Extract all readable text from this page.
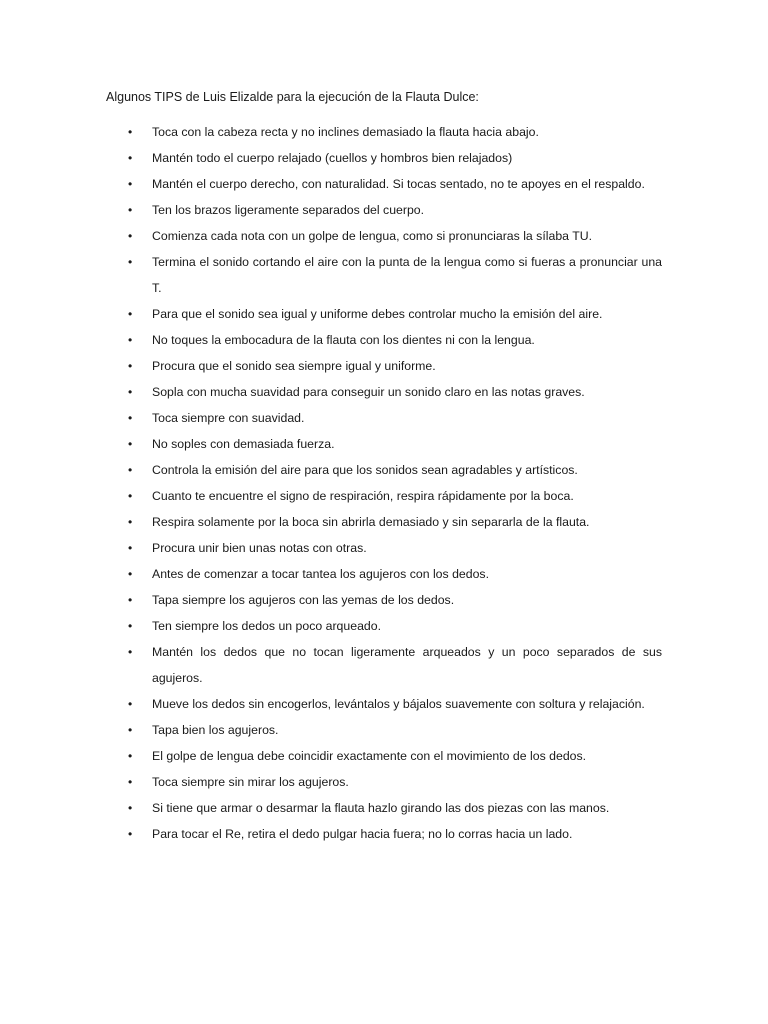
Algunos TIPS de Luis Elizalde para la ejecución de la Flauta Dulce:
• Toca con la cabeza recta y no inclines demasiado la flauta hacia abajo.
• Mantén todo el cuerpo relajado (cuellos y hombros bien relajados)
• Mantén el cuerpo derecho, con naturalidad. Si tocas sentado, no te apoyes en el respaldo.
• Ten los brazos ligeramente separados del cuerpo.
• Comienza cada nota con un golpe de lengua, como si pronunciaras la sílaba TU.
• Termina el sonido cortando el aire con la punta de la lengua como si fueras a pronunciar una T.
• Para que el sonido sea igual y uniforme debes controlar mucho la emisión del aire.
• No toques la embocadura de la flauta con los dientes ni con la lengua.
• Procura que el sonido sea siempre igual y uniforme.
• Sopla con mucha suavidad para conseguir un sonido claro en las notas graves.
• Toca siempre con suavidad.
• No soples con demasiada fuerza.
• Controla la emisión del aire para que los sonidos sean agradables y artísticos.
• Cuanto te encuentre el signo de respiración, respira rápidamente por la boca.
• Respira solamente por la boca sin abrirla demasiado y sin separarla de la flauta.
• Procura unir bien unas notas con otras.
• Antes de comenzar a tocar tantea los agujeros con los dedos.
• Tapa siempre los agujeros con las yemas de los dedos.
• Ten siempre los dedos un poco arqueado.
• Mantén los dedos que no tocan ligeramente arqueados y un poco separados de sus agujeros.
• Mueve los dedos sin encogerlos, levántalos y bájalos suavemente con soltura y relajación.
• Tapa bien los agujeros.
• El golpe de lengua debe coincidir exactamente con el movimiento de los dedos.
• Toca siempre sin mirar los agujeros.
• Si tiene que armar o desarmar la flauta hazlo girando las dos piezas con las manos.
• Para tocar el Re, retira el dedo pulgar hacia fuera; no lo corras hacia un lado.
